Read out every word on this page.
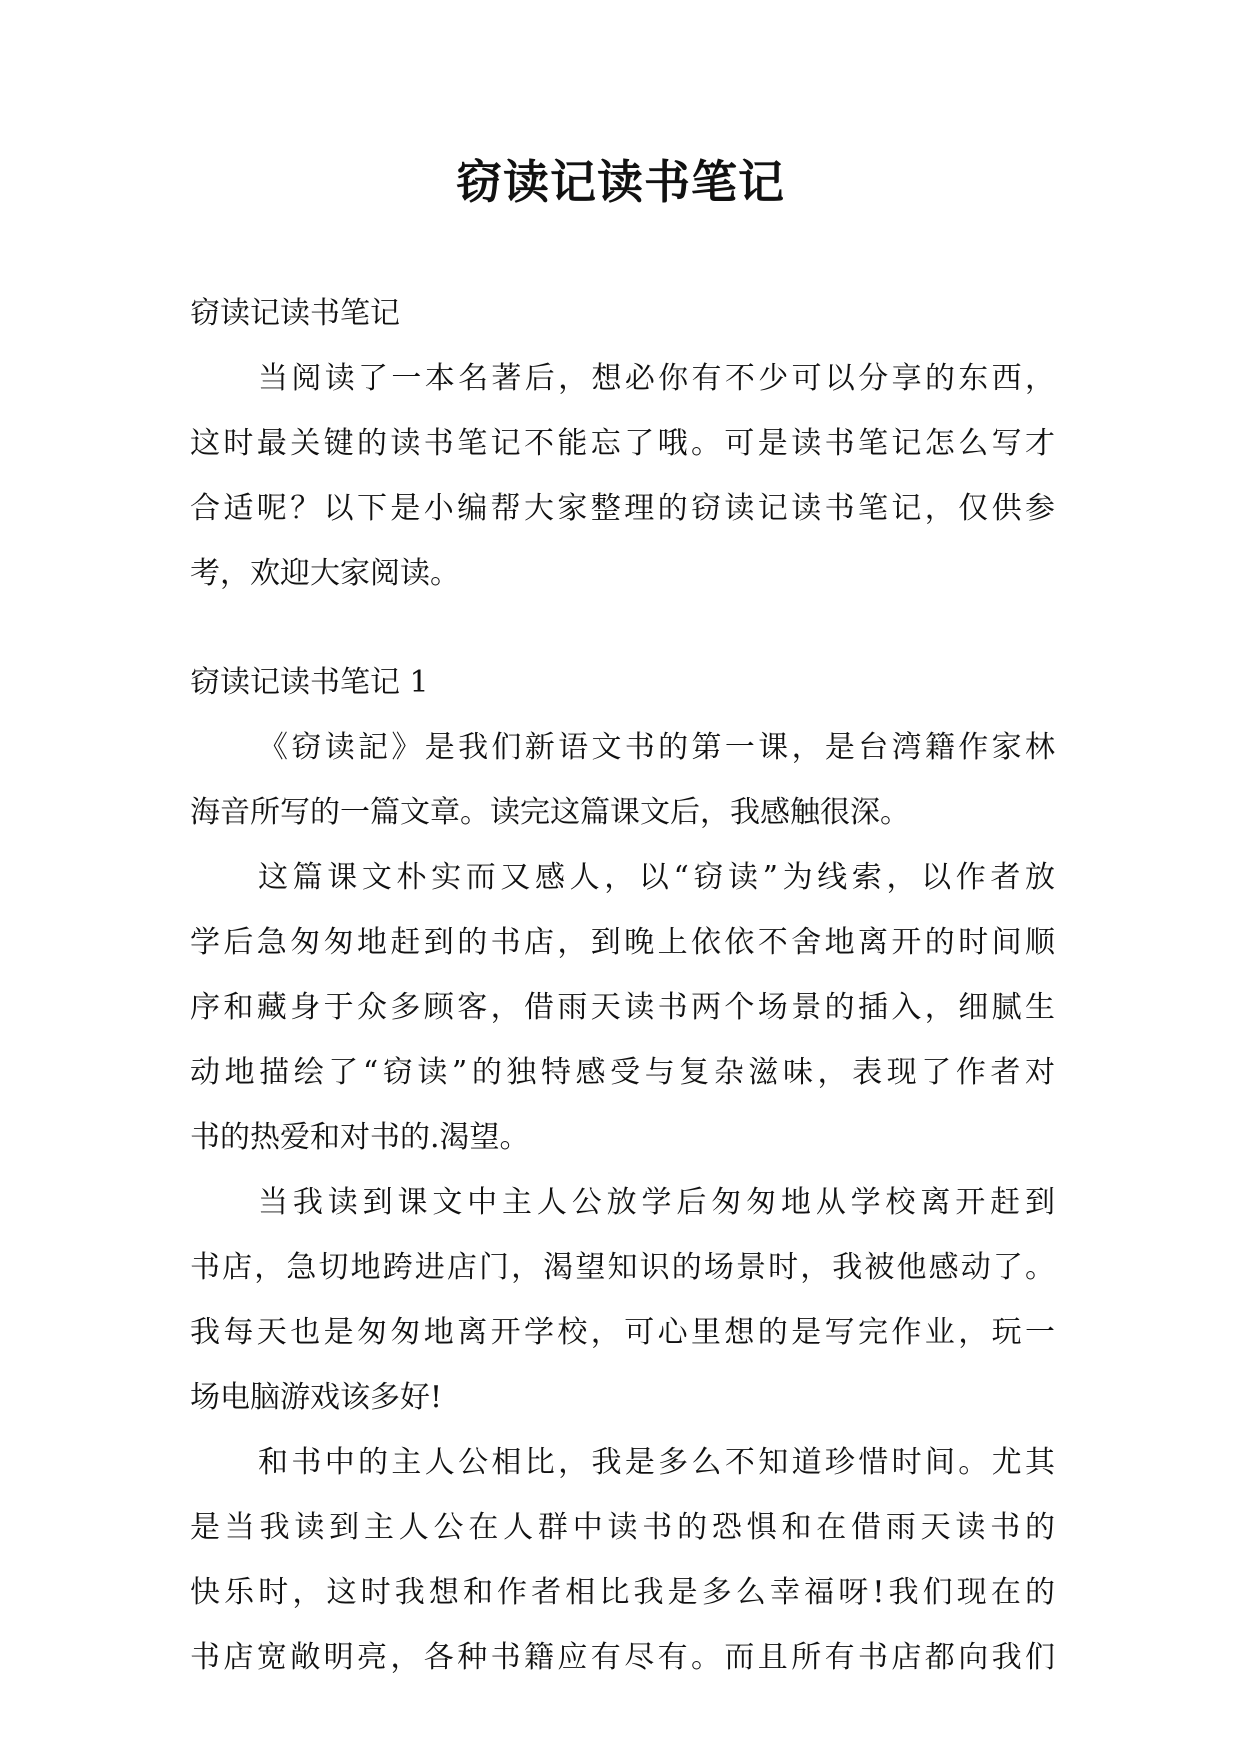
窃读记读书笔记

窃读记读书笔记

当阅读了一本名著后，想必你有不少可以分享的东西，

这时最关键的读书笔记不能忘了哦。可是读书笔记怎么写才

合适呢？以下是小编帮大家整理的窃读记读书笔记，仅供参

考，欢迎大家阅读。

窃读记读书笔记 1

《窃读記》是我们新语文书的第一课，是台湾籍作家林

海音所写的一篇文章。读完这篇课文后，我感触很深。

这篇课文朴实而又感人，以“窃读”为线索，以作者放

学后急匆匆地赶到的书店，到晚上依依不舍地离开的时间顺

序和藏身于众多顾客，借雨天读书两个场景的插入，细腻生

动地描绘了“窃读”的独特感受与复杂滋味，表现了作者对

书的热爱和对书的.渴望。

当我读到课文中主人公放学后匆匆地从学校离开赶到

书店，急切地跨进店门，渴望知识的场景时，我被他感动了。

我每天也是匆匆地离开学校，可心里想的是写完作业，玩一

场电脑游戏该多好!

和书中的主人公相比，我是多么不知道珍惜时间。尤其

是当我读到主人公在人群中读书的恐惧和在借雨天读书的

快乐时，这时我想和作者相比我是多么幸福呀!我们现在的

书店宽敞明亮，各种书籍应有尽有。而且所有书店都向我们
